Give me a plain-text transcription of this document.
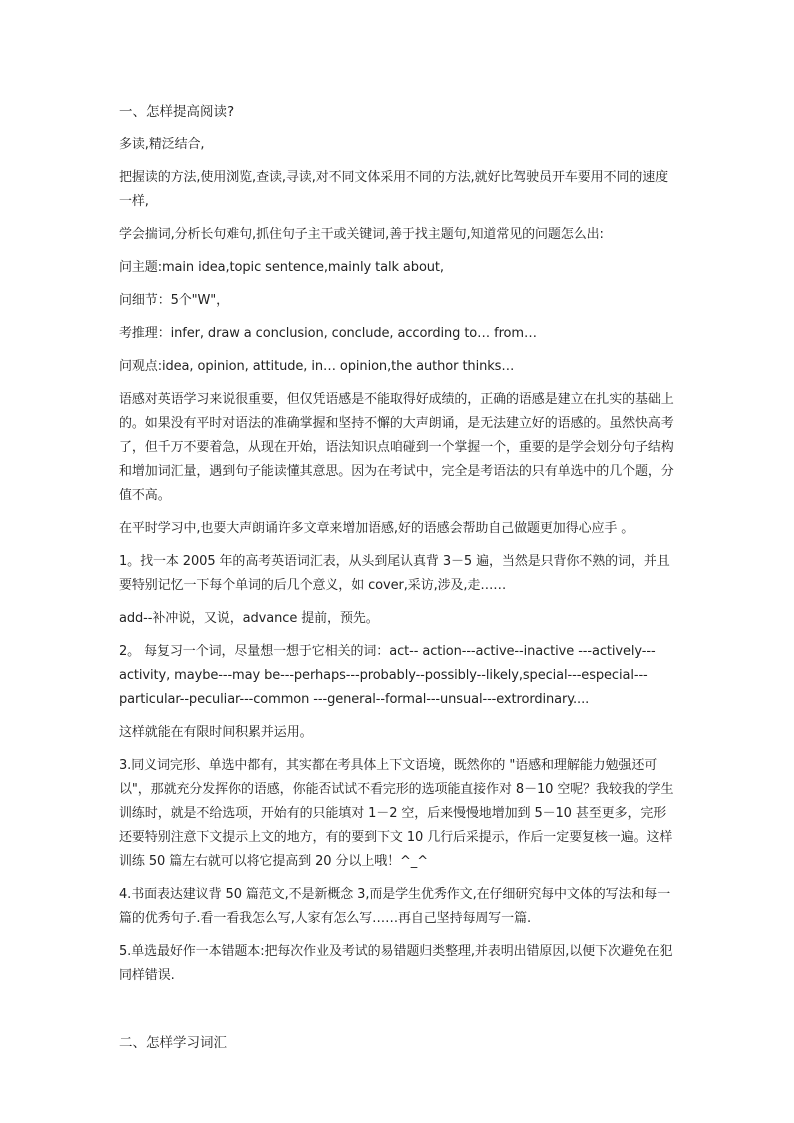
一、怎样提高阅读?
多读,精泛结合,
把握读的方法,使用浏览,查读,寻读,对不同文体采用不同的方法,就好比驾驶员开车要用不同的速度一样,
学会揣词,分析长句难句,抓住句子主干或关键词,善于找主题句,知道常见的问题怎么出:
问主题:main idea,topic sentence,mainly talk about,
问细节：5个"W"，
考推理：infer, draw a conclusion, conclude, according to… from…
问观点:idea, opinion, attitude, in… opinion,the author thinks…
语感对英语学习来说很重要，但仅凭语感是不能取得好成绩的，正确的语感是建立在扎实的基础上的。如果没有平时对语法的准确掌握和坚持不懈的大声朗诵，是无法建立好的语感的。虽然快高考了，但千万不要着急，从现在开始，语法知识点咱碰到一个掌握一个，重要的是学会划分句子结构和增加词汇量，遇到句子能读懂其意思。因为在考试中，完全是考语法的只有单选中的几个题，分值不高。
在平时学习中,也要大声朗诵许多文章来增加语感,好的语感会帮助自己做题更加得心应手 。
1。找一本 2005 年的高考英语词汇表，从头到尾认真背 3－5 遍，当然是只背你不熟的词，并且要特别记忆一下每个单词的后几个意义，如 cover,采访,涉及,走……
add--补冲说，又说，advance 提前，预先。
2。 每复习一个词，尽量想一想于它相关的词：act-- action---active--inactive ---actively---activity, maybe---may be---perhaps---probably--possibly--likely,special---especial---particular--peculiar---common ---general--formal---unsual---extrordinary....
这样就能在有限时间积累并运用。
3.同义词完形、单选中都有，其实都在考具体上下文语境，既然你的 "语感和理解能力勉强还可以"，那就充分发挥你的语感，你能否试试不看完形的选项能直接作对 8－10 空呢？我较我的学生训练时，就是不给选项，开始有的只能填对 1－2 空，后来慢慢地增加到 5－10 甚至更多，完形还要特别注意下文提示上文的地方，有的要到下文 10 几行后采提示，作后一定要复核一遍。这样训练 50 篇左右就可以将它提高到 20 分以上哦！^_^
4.书面表达建议背 50 篇范文,不是新概念 3,而是学生优秀作文,在仔细研究每中文体的写法和每一篇的优秀句子.看一看我怎么写,人家有怎么写……再自己坚持每周写一篇.
5.单选最好作一本错题本:把每次作业及考试的易错题归类整理,并表明出错原因,以便下次避免在犯同样错误.
二、怎样学习词汇
